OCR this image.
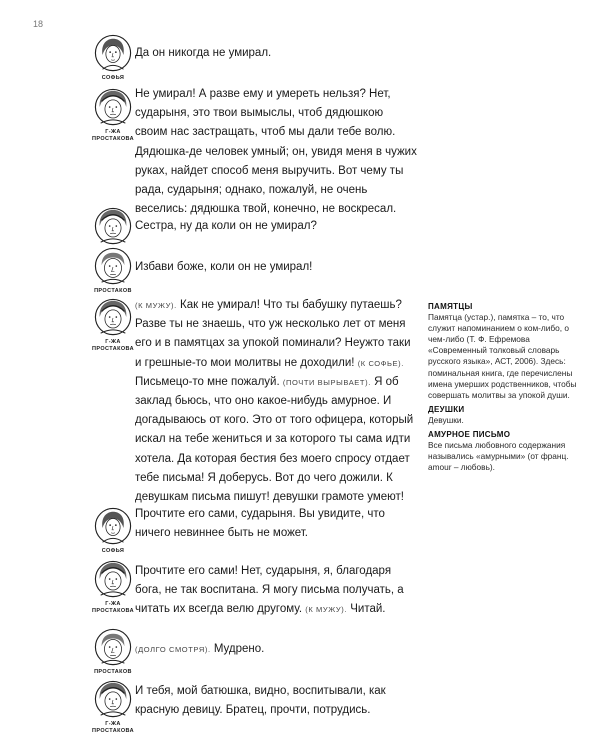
18
СОФЬЯ
Г-ЖА ПРОСТАКОВА
ПРОСТАКОВ
Г-ЖА ПРОСТАКОВА
СОФЬЯ
Г-ЖА ПРОСТАКОВА
ПРОСТАКОВ
Г-ЖА ПРОСТАКОВА

Да он никогда не умирал.

Не умирал! А разве ему и умереть нельзя? Нет, сударыня, это твои вымыслы, чтоб дядюшкою своим нас застращать, чтоб мы дали тебе волю. Дядюшка-де человек умный; он, увидя меня в чужих руках, найдет способ меня выручить. Вот чему ты рада, сударыня; однако, пожалуй, не очень веселись: дядюшка твой, конечно, не воскресал.

Сестра, ну да коли он не умирал?

Избави боже, коли он не умирал!

(К МУЖУ). Как не умирал! Что ты бабушку путаешь? Разве ты не знаешь, что уж несколько лет от меня его и в памятцах за упокой поминали? Неужто таки и грешные-то мои молитвы не доходили! (К СОФЬЕ). Письмецо-то мне пожалуй. (ПОЧТИ ВЫРЫВАЕТ). Я об заклад бьюсь, что оно какое-нибудь амурное. И догадываюсь от кого. Это от того офицера, который искал на тебе жениться и за которого ты сама идти хотела. Да которая бестия без моего спросу отдает тебе письма! Я доберусь. Вот до чего дожили. К девушкам письма пишут! девушки грамоте умеют!

Прочтите его сами, сударыня. Вы увидите, что ничего невиннее быть не может.

Прочтите его сами! Нет, сударыня, я, благодаря бога, не так воспитана. Я могу письма получать, а читать их всегда велю другому. (К МУЖУ). Читай.

(ДОЛГО СМОТРЯ). Мудрено.

И тебя, мой батюшка, видно, воспитывали, как красную девицу. Братец, прочти, потрудись.

ПАМЯТЦЫ

Памятца (устар.), памятка – то, что служит напоминанием о ком-либо, о чем-либо (Т. Ф. Ефремова «Современный толковый словарь русского языка», АСТ, 2006). Здесь: поминальная книга, где перечислены имена умерших родственников, чтобы совершать молитвы за упокой души.

ДЕУШКИ

Девушки.

АМУРНОЕ ПИСЬМО

Все письма любовного содержания назывались «амурными» (от франц. amour – любовь).
